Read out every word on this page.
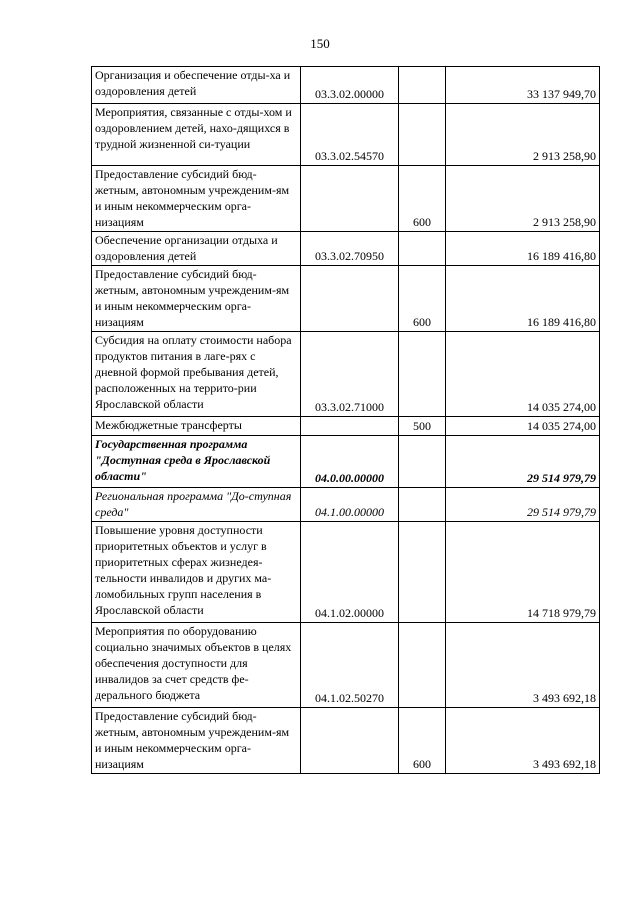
150
Организация и обеспечение отды-ха и оздоровления детей	03.3.02.00000		33 137 949,70
Мероприятия, связанные с отды-хом и оздоровлением детей, нахо-дящихся в трудной жизненной си-туации	03.3.02.54570		2 913 258,90
Предоставление субсидий бюд-жетным, автономным учрежденим-ям и иным некоммерческим орга-низациям		600	2 913 258,90
Обеспечение организации отдыха и оздоровления детей	03.3.02.70950		16 189 416,80
Предоставление субсидий бюд-жетным, автономным учрежденим-ям и иным некоммерческим орга-низациям		600	16 189 416,80
Субсидия на оплату стоимости набора продуктов питания в лаге-рях с дневной формой пребывания детей, расположенных на террито-рии Ярославской области	03.3.02.71000		14 035 274,00
Межбюджетные трансферты		500	14 035 274,00
Государственная программа "Доступная среда в Ярославской области"	04.0.00.00000		29 514 979,79
Региональная программа "До-ступная среда"	04.1.00.00000		29 514 979,79
Повышение уровня доступности приоритетных объектов и услуг в приоритетных сферах жизнедея-тельности инвалидов и других ма-ломобильных групп населения в Ярославской области	04.1.02.00000		14 718 979,79
Мероприятия по оборудованию социально значимых объектов в целях обеспечения доступности для инвалидов за счет средств фе-дерального бюджета	04.1.02.50270		3 493 692,18
Предоставление субсидий бюд-жетным, автономным учрежденим-ям и иным некоммерческим орга-низациям		600	3 493 692,18
